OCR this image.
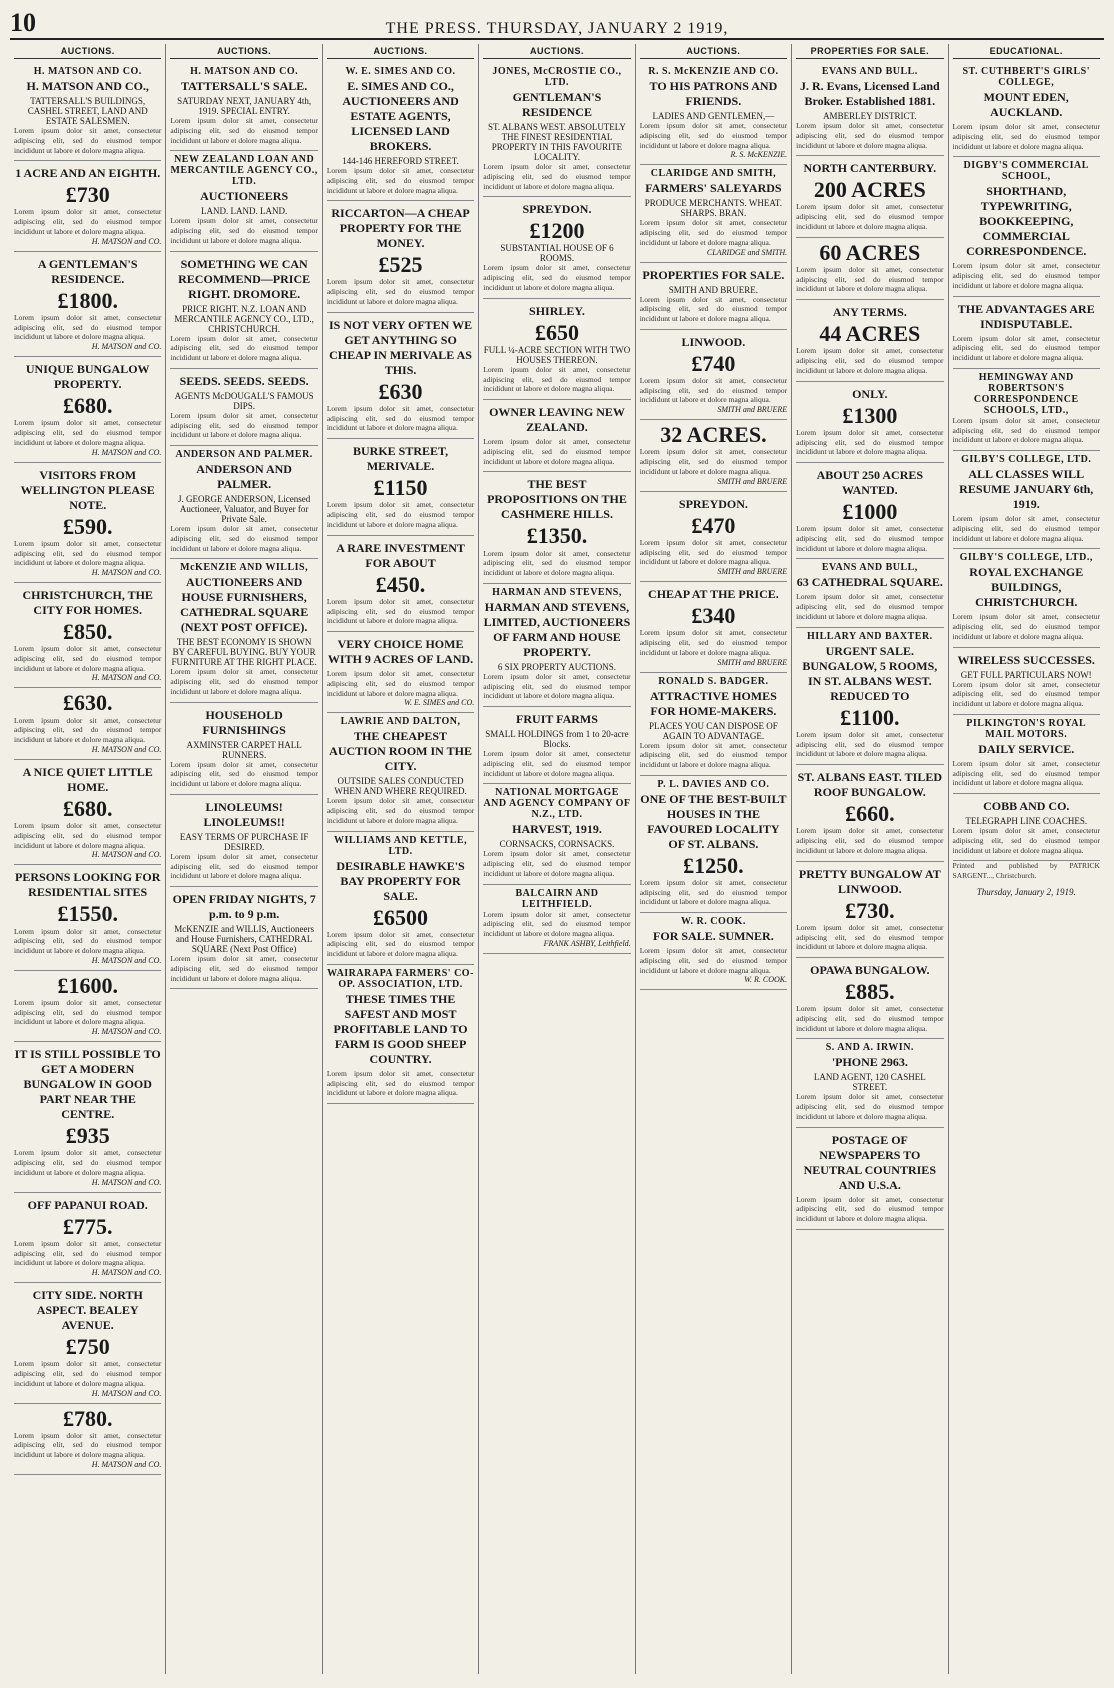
10	THE PRESS. THURSDAY, JANUARY 2 1919,
AUCTIONS.
H. MATSON AND CO.
H. MATSON AND CO.,
TATTERSALL'S BUILDINGS, CASHEL STREET, LAND AND ESTATE SALESMEN.
Lorem ipsum dolor sit amet, consectetur adipiscing elit, sed do eiusmod tempor incididunt ut labore et dolore magna aliqua.
1 ACRE AND AN EIGHTH.
£730
Lorem ipsum dolor sit amet, consectetur adipiscing elit, sed do eiusmod tempor incididunt ut labore et dolore magna aliqua.
H. MATSON and CO.
A GENTLEMAN'S RESIDENCE.
£1800.
Lorem ipsum dolor sit amet, consectetur adipiscing elit, sed do eiusmod tempor incididunt ut labore et dolore magna aliqua.
H. MATSON and CO.
UNIQUE BUNGALOW PROPERTY.
£680.
Lorem ipsum dolor sit amet, consectetur adipiscing elit, sed do eiusmod tempor incididunt ut labore et dolore magna aliqua.
H. MATSON and CO.
VISITORS FROM WELLINGTON PLEASE NOTE.
£590.
Lorem ipsum dolor sit amet, consectetur adipiscing elit, sed do eiusmod tempor incididunt ut labore et dolore magna aliqua.
H. MATSON and CO.
CHRISTCHURCH, THE CITY FOR HOMES.
£850.
Lorem ipsum dolor sit amet, consectetur adipiscing elit, sed do eiusmod tempor incididunt ut labore et dolore magna aliqua.
H. MATSON and CO.
£630.
Lorem ipsum dolor sit amet, consectetur adipiscing elit, sed do eiusmod tempor incididunt ut labore et dolore magna aliqua.
H. MATSON and CO.
A NICE QUIET LITTLE HOME.
£680.
Lorem ipsum dolor sit amet, consectetur adipiscing elit, sed do eiusmod tempor incididunt ut labore et dolore magna aliqua.
H. MATSON and CO.
PERSONS LOOKING FOR RESIDENTIAL SITES
£1550.
Lorem ipsum dolor sit amet, consectetur adipiscing elit, sed do eiusmod tempor incididunt ut labore et dolore magna aliqua.
H. MATSON and CO.
£1600.
Lorem ipsum dolor sit amet, consectetur adipiscing elit, sed do eiusmod tempor incididunt ut labore et dolore magna aliqua.
H. MATSON and CO.
IT IS STILL POSSIBLE TO GET A MODERN BUNGALOW IN GOOD PART NEAR THE CENTRE.
£935
Lorem ipsum dolor sit amet, consectetur adipiscing elit, sed do eiusmod tempor incididunt ut labore et dolore magna aliqua.
H. MATSON and CO.
OFF PAPANUI ROAD.
£775.
Lorem ipsum dolor sit amet, consectetur adipiscing elit, sed do eiusmod tempor incididunt ut labore et dolore magna aliqua.
H. MATSON and CO.
CITY SIDE. NORTH ASPECT. BEALEY AVENUE.
£750
Lorem ipsum dolor sit amet, consectetur adipiscing elit, sed do eiusmod tempor incididunt ut labore et dolore magna aliqua.
H. MATSON and CO.
£780.
Lorem ipsum dolor sit amet, consectetur adipiscing elit, sed do eiusmod tempor incididunt ut labore et dolore magna aliqua.
H. MATSON and CO.
AUCTIONS.
H. MATSON AND CO.
TATTERSALL'S SALE.
SATURDAY NEXT, JANUARY 4th, 1919. SPECIAL ENTRY.
Lorem ipsum dolor sit amet, consectetur adipiscing elit, sed do eiusmod tempor incididunt ut labore et dolore magna aliqua.
NEW ZEALAND LOAN AND MERCANTILE AGENCY CO., LTD.
AUCTIONEERS
LAND. LAND. LAND.
Lorem ipsum dolor sit amet, consectetur adipiscing elit, sed do eiusmod tempor incididunt ut labore et dolore magna aliqua.
SOMETHING WE CAN RECOMMEND—PRICE RIGHT. DROMORE.
PRICE RIGHT. N.Z. LOAN AND MERCANTILE AGENCY CO., LTD., CHRISTCHURCH.
Lorem ipsum dolor sit amet, consectetur adipiscing elit, sed do eiusmod tempor incididunt ut labore et dolore magna aliqua.
SEEDS. SEEDS. SEEDS.
AGENTS McDOUGALL'S FAMOUS DIPS.
Lorem ipsum dolor sit amet, consectetur adipiscing elit, sed do eiusmod tempor incididunt ut labore et dolore magna aliqua.
ANDERSON AND PALMER.
ANDERSON AND PALMER.
J. GEORGE ANDERSON, Licensed Auctioneer, Valuator, and Buyer for Private Sale.
Lorem ipsum dolor sit amet, consectetur adipiscing elit, sed do eiusmod tempor incididunt ut labore et dolore magna aliqua.
McKENZIE AND WILLIS,
AUCTIONEERS AND HOUSE FURNISHERS, CATHEDRAL SQUARE (NEXT POST OFFICE).
THE BEST ECONOMY IS SHOWN BY CAREFUL BUYING. BUY YOUR FURNITURE AT THE RIGHT PLACE.
Lorem ipsum dolor sit amet, consectetur adipiscing elit, sed do eiusmod tempor incididunt ut labore et dolore magna aliqua.
HOUSEHOLD FURNISHINGS
AXMINSTER CARPET HALL RUNNERS.
Lorem ipsum dolor sit amet, consectetur adipiscing elit, sed do eiusmod tempor incididunt ut labore et dolore magna aliqua.
LINOLEUMS! LINOLEUMS!!
EASY TERMS OF PURCHASE IF DESIRED.
Lorem ipsum dolor sit amet, consectetur adipiscing elit, sed do eiusmod tempor incididunt ut labore et dolore magna aliqua.
OPEN FRIDAY NIGHTS, 7 p.m. to 9 p.m.
McKENZIE and WILLIS, Auctioneers and House Furnishers, CATHEDRAL SQUARE (Next Post Office)
Lorem ipsum dolor sit amet, consectetur adipiscing elit, sed do eiusmod tempor incididunt ut labore et dolore magna aliqua.
AUCTIONS.
W. E. SIMES AND CO.
E. SIMES AND CO., AUCTIONEERS AND ESTATE AGENTS, LICENSED LAND BROKERS.
144-146 HEREFORD STREET.
Lorem ipsum dolor sit amet, consectetur adipiscing elit, sed do eiusmod tempor incididunt ut labore et dolore magna aliqua.
RICCARTON—A CHEAP PROPERTY FOR THE MONEY.
£525
Lorem ipsum dolor sit amet, consectetur adipiscing elit, sed do eiusmod tempor incididunt ut labore et dolore magna aliqua.
IS NOT VERY OFTEN WE GET ANYTHING SO CHEAP IN MERIVALE AS THIS.
£630
Lorem ipsum dolor sit amet, consectetur adipiscing elit, sed do eiusmod tempor incididunt ut labore et dolore magna aliqua.
BURKE STREET, MERIVALE.
£1150
Lorem ipsum dolor sit amet, consectetur adipiscing elit, sed do eiusmod tempor incididunt ut labore et dolore magna aliqua.
A RARE INVESTMENT FOR ABOUT
£450.
Lorem ipsum dolor sit amet, consectetur adipiscing elit, sed do eiusmod tempor incididunt ut labore et dolore magna aliqua.
VERY CHOICE HOME WITH 9 ACRES OF LAND.
Lorem ipsum dolor sit amet, consectetur adipiscing elit, sed do eiusmod tempor incididunt ut labore et dolore magna aliqua.
W. E. SIMES and CO.
LAWRIE AND DALTON,
THE CHEAPEST AUCTION ROOM IN THE CITY.
OUTSIDE SALES CONDUCTED WHEN AND WHERE REQUIRED.
Lorem ipsum dolor sit amet, consectetur adipiscing elit, sed do eiusmod tempor incididunt ut labore et dolore magna aliqua.
WILLIAMS AND KETTLE, LTD.
DESIRABLE HAWKE'S BAY PROPERTY FOR SALE.
£6500
Lorem ipsum dolor sit amet, consectetur adipiscing elit, sed do eiusmod tempor incididunt ut labore et dolore magna aliqua.
WAIRARAPA FARMERS' CO-OP. ASSOCIATION, LTD.
THESE TIMES THE SAFEST AND MOST PROFITABLE LAND TO FARM IS GOOD SHEEP COUNTRY.
Lorem ipsum dolor sit amet, consectetur adipiscing elit, sed do eiusmod tempor incididunt ut labore et dolore magna aliqua.
AUCTIONS.
JONES, McCROSTIE CO., LTD.
GENTLEMAN'S RESIDENCE
ST. ALBANS WEST. ABSOLUTELY THE FINEST RESIDENTIAL PROPERTY IN THIS FAVOURITE LOCALITY.
Lorem ipsum dolor sit amet, consectetur adipiscing elit, sed do eiusmod tempor incididunt ut labore et dolore magna aliqua.
SPREYDON.
£1200
SUBSTANTIAL HOUSE OF 6 ROOMS.
Lorem ipsum dolor sit amet, consectetur adipiscing elit, sed do eiusmod tempor incididunt ut labore et dolore magna aliqua.
SHIRLEY.
£650
FULL ¼-ACRE SECTION WITH TWO HOUSES THEREON.
Lorem ipsum dolor sit amet, consectetur adipiscing elit, sed do eiusmod tempor incididunt ut labore et dolore magna aliqua.
OWNER LEAVING NEW ZEALAND.
Lorem ipsum dolor sit amet, consectetur adipiscing elit, sed do eiusmod tempor incididunt ut labore et dolore magna aliqua.
THE BEST PROPOSITIONS ON THE CASHMERE HILLS.
£1350.
Lorem ipsum dolor sit amet, consectetur adipiscing elit, sed do eiusmod tempor incididunt ut labore et dolore magna aliqua.
HARMAN AND STEVENS,
HARMAN AND STEVENS, LIMITED, AUCTIONEERS OF FARM AND HOUSE PROPERTY.
6 SIX PROPERTY AUCTIONS.
Lorem ipsum dolor sit amet, consectetur adipiscing elit, sed do eiusmod tempor incididunt ut labore et dolore magna aliqua.
FRUIT FARMS
SMALL HOLDINGS from 1 to 20-acre Blocks.
Lorem ipsum dolor sit amet, consectetur adipiscing elit, sed do eiusmod tempor incididunt ut labore et dolore magna aliqua.
NATIONAL MORTGAGE AND AGENCY COMPANY OF N.Z., LTD.
HARVEST, 1919.
CORNSACKS, CORNSACKS.
Lorem ipsum dolor sit amet, consectetur adipiscing elit, sed do eiusmod tempor incididunt ut labore et dolore magna aliqua.
BALCAIRN AND LEITHFIELD.
Lorem ipsum dolor sit amet, consectetur adipiscing elit, sed do eiusmod tempor incididunt ut labore et dolore magna aliqua.
FRANK ASHBY, Leithfield.
AUCTIONS.
R. S. McKENZIE AND CO.
TO HIS PATRONS AND FRIENDS.
LADIES AND GENTLEMEN,—
Lorem ipsum dolor sit amet, consectetur adipiscing elit, sed do eiusmod tempor incididunt ut labore et dolore magna aliqua.
R. S. McKENZIE.
CLARIDGE AND SMITH,
FARMERS' SALEYARDS
PRODUCE MERCHANTS. WHEAT. SHARPS. BRAN.
Lorem ipsum dolor sit amet, consectetur adipiscing elit, sed do eiusmod tempor incididunt ut labore et dolore magna aliqua.
CLARIDGE and SMITH.
PROPERTIES FOR SALE.
SMITH AND BRUERE.
Lorem ipsum dolor sit amet, consectetur adipiscing elit, sed do eiusmod tempor incididunt ut labore et dolore magna aliqua.
LINWOOD.
£740
Lorem ipsum dolor sit amet, consectetur adipiscing elit, sed do eiusmod tempor incididunt ut labore et dolore magna aliqua.
SMITH and BRUERE
32 ACRES.
Lorem ipsum dolor sit amet, consectetur adipiscing elit, sed do eiusmod tempor incididunt ut labore et dolore magna aliqua.
SMITH and BRUERE
SPREYDON.
£470
Lorem ipsum dolor sit amet, consectetur adipiscing elit, sed do eiusmod tempor incididunt ut labore et dolore magna aliqua.
SMITH and BRUERE
CHEAP AT THE PRICE.
£340
Lorem ipsum dolor sit amet, consectetur adipiscing elit, sed do eiusmod tempor incididunt ut labore et dolore magna aliqua.
SMITH and BRUERE
RONALD S. BADGER.
ATTRACTIVE HOMES FOR HOME-MAKERS.
PLACES YOU CAN DISPOSE OF AGAIN TO ADVANTAGE.
Lorem ipsum dolor sit amet, consectetur adipiscing elit, sed do eiusmod tempor incididunt ut labore et dolore magna aliqua.
P. L. DAVIES AND CO.
ONE OF THE BEST-BUILT HOUSES IN THE FAVOURED LOCALITY OF ST. ALBANS.
£1250.
Lorem ipsum dolor sit amet, consectetur adipiscing elit, sed do eiusmod tempor incididunt ut labore et dolore magna aliqua.
W. R. COOK.
FOR SALE. SUMNER.
Lorem ipsum dolor sit amet, consectetur adipiscing elit, sed do eiusmod tempor incididunt ut labore et dolore magna aliqua.
W. R. COOK.
PROPERTIES FOR SALE.
EVANS AND BULL.
J. R. Evans, Licensed Land Broker. Established 1881.
AMBERLEY DISTRICT.
Lorem ipsum dolor sit amet, consectetur adipiscing elit, sed do eiusmod tempor incididunt ut labore et dolore magna aliqua.
NORTH CANTERBURY.
200 ACRES
Lorem ipsum dolor sit amet, consectetur adipiscing elit, sed do eiusmod tempor incididunt ut labore et dolore magna aliqua.
60 ACRES
Lorem ipsum dolor sit amet, consectetur adipiscing elit, sed do eiusmod tempor incididunt ut labore et dolore magna aliqua.
ANY TERMS.
44 ACRES
Lorem ipsum dolor sit amet, consectetur adipiscing elit, sed do eiusmod tempor incididunt ut labore et dolore magna aliqua.
ONLY.
£1300
Lorem ipsum dolor sit amet, consectetur adipiscing elit, sed do eiusmod tempor incididunt ut labore et dolore magna aliqua.
ABOUT 250 ACRES WANTED.
£1000
Lorem ipsum dolor sit amet, consectetur adipiscing elit, sed do eiusmod tempor incididunt ut labore et dolore magna aliqua.
EVANS AND BULL,
63 CATHEDRAL SQUARE.
Lorem ipsum dolor sit amet, consectetur adipiscing elit, sed do eiusmod tempor incididunt ut labore et dolore magna aliqua.
HILLARY AND BAXTER.
URGENT SALE. BUNGALOW, 5 ROOMS, IN ST. ALBANS WEST. REDUCED TO
£1100.
Lorem ipsum dolor sit amet, consectetur adipiscing elit, sed do eiusmod tempor incididunt ut labore et dolore magna aliqua.
ST. ALBANS EAST. TILED ROOF BUNGALOW.
£660.
Lorem ipsum dolor sit amet, consectetur adipiscing elit, sed do eiusmod tempor incididunt ut labore et dolore magna aliqua.
PRETTY BUNGALOW AT LINWOOD.
£730.
Lorem ipsum dolor sit amet, consectetur adipiscing elit, sed do eiusmod tempor incididunt ut labore et dolore magna aliqua.
OPAWA BUNGALOW.
£885.
Lorem ipsum dolor sit amet, consectetur adipiscing elit, sed do eiusmod tempor incididunt ut labore et dolore magna aliqua.
S. AND A. IRWIN.
'PHONE 2963.
LAND AGENT, 120 CASHEL STREET.
Lorem ipsum dolor sit amet, consectetur adipiscing elit, sed do eiusmod tempor incididunt ut labore et dolore magna aliqua.
POSTAGE OF NEWSPAPERS TO NEUTRAL COUNTRIES AND U.S.A.
Lorem ipsum dolor sit amet, consectetur adipiscing elit, sed do eiusmod tempor incididunt ut labore et dolore magna aliqua.
EDUCATIONAL.
ST. CUTHBERT'S GIRLS' COLLEGE,
MOUNT EDEN, AUCKLAND.
Lorem ipsum dolor sit amet, consectetur adipiscing elit, sed do eiusmod tempor incididunt ut labore et dolore magna aliqua.
DIGBY'S COMMERCIAL SCHOOL,
SHORTHAND, TYPEWRITING, BOOKKEEPING, COMMERCIAL CORRESPONDENCE.
Lorem ipsum dolor sit amet, consectetur adipiscing elit, sed do eiusmod tempor incididunt ut labore et dolore magna aliqua.
THE ADVANTAGES ARE INDISPUTABLE.
Lorem ipsum dolor sit amet, consectetur adipiscing elit, sed do eiusmod tempor incididunt ut labore et dolore magna aliqua.
HEMINGWAY AND ROBERTSON'S CORRESPONDENCE SCHOOLS, LTD.,
Lorem ipsum dolor sit amet, consectetur adipiscing elit, sed do eiusmod tempor incididunt ut labore et dolore magna aliqua.
GILBY'S COLLEGE, LTD.
ALL CLASSES WILL RESUME JANUARY 6th, 1919.
Lorem ipsum dolor sit amet, consectetur adipiscing elit, sed do eiusmod tempor incididunt ut labore et dolore magna aliqua.
GILBY'S COLLEGE, LTD.,
ROYAL EXCHANGE BUILDINGS, CHRISTCHURCH.
Lorem ipsum dolor sit amet, consectetur adipiscing elit, sed do eiusmod tempor incididunt ut labore et dolore magna aliqua.
WIRELESS SUCCESSES.
GET FULL PARTICULARS NOW!
Lorem ipsum dolor sit amet, consectetur adipiscing elit, sed do eiusmod tempor incididunt ut labore et dolore magna aliqua.
PILKINGTON'S ROYAL MAIL MOTORS.
DAILY SERVICE.
Lorem ipsum dolor sit amet, consectetur adipiscing elit, sed do eiusmod tempor incididunt ut labore et dolore magna aliqua.
COBB AND CO.
TELEGRAPH LINE COACHES.
Lorem ipsum dolor sit amet, consectetur adipiscing elit, sed do eiusmod tempor incididunt ut labore et dolore magna aliqua.
Printed and published by PATRICK SARGENT..., Christchurch.
Thursday, January 2, 1919.
